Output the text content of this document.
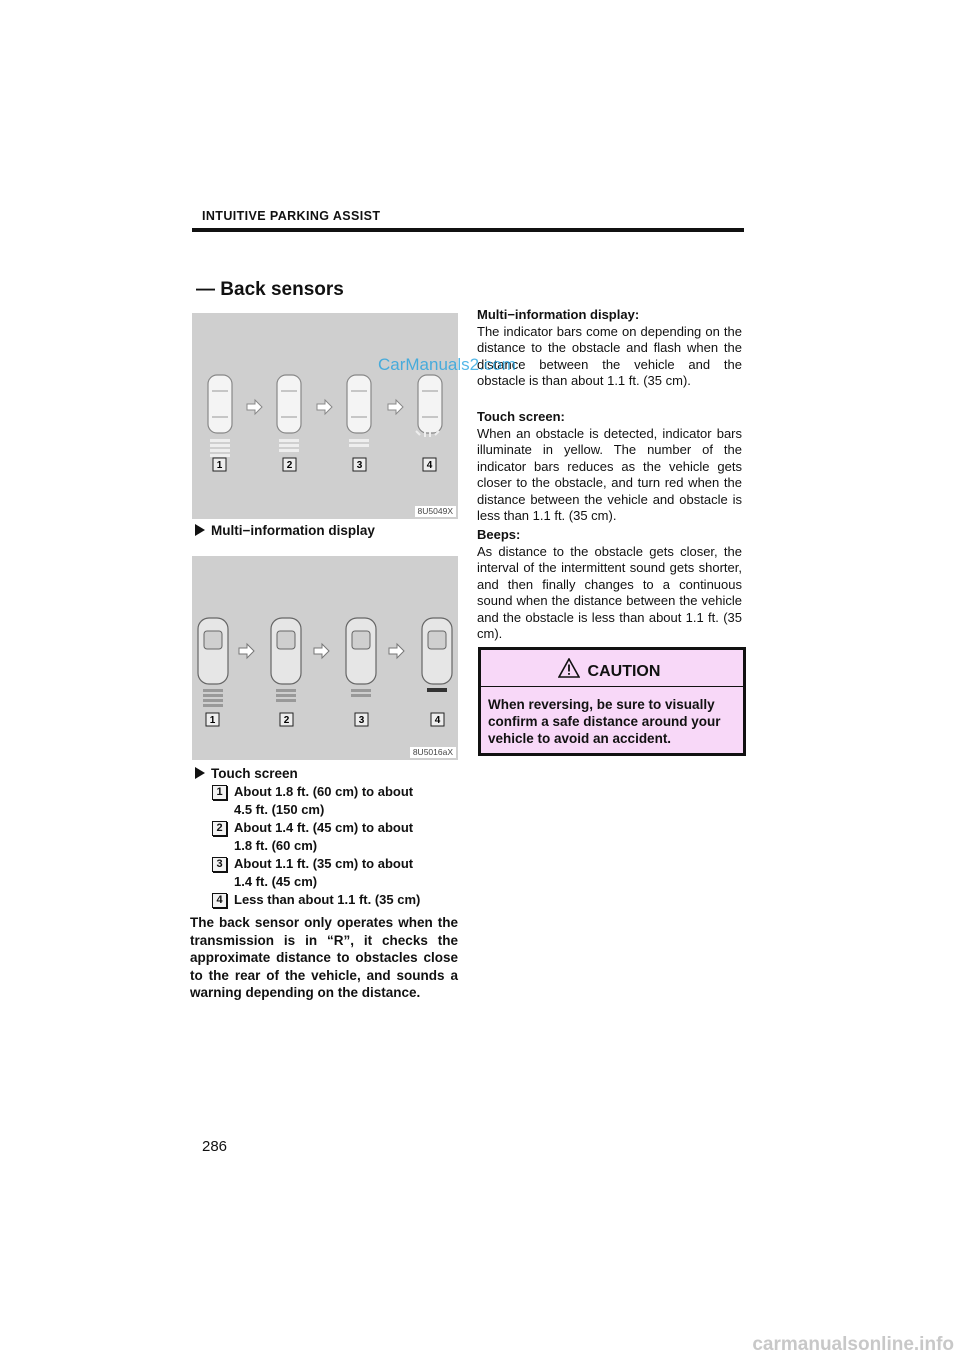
INTUITIVE PARKING ASSIST
— Back sensors
1	2	3	4
8U5049X
Multi−information display
1	2	3	4
8U5016aX
Touch screen
1 About 1.8 ft. (60 cm) to about
4.5 ft. (150 cm)
2 About 1.4 ft. (45 cm) to about
1.8 ft. (60 cm)
3 About 1.1 ft. (35 cm) to about
1.4 ft. (45 cm)
4 Less than about 1.1 ft. (35 cm)
The back sensor only operates when the transmission is in “R”, it checks the approximate distance to obstacles close to the rear of the vehicle, and sounds a warning depending on the distance.
Multi−information display:
The indicator bars come on depending on the distance to the obstacle and flash when the distance between the vehicle and the obstacle is than about 1.1 ft. (35 cm).
Touch screen:
When an obstacle is detected, indicator bars illuminate in yellow. The number of the indicator bars reduces as the vehicle gets closer to the obstacle, and turn red when the distance between the vehicle and obstacle is less than 1.1 ft. (35 cm).
Beeps:
As distance to the obstacle gets closer, the interval of the intermittent sound gets shorter, and then finally changes to a continuous sound when the distance between the vehicle and the obstacle is less than about 1.1 ft. (35 cm).
CAUTION
When reversing, be sure to visually confirm a safe distance around your vehicle to avoid an accident.
CarManuals2.com
286
carmanualsonline.info
